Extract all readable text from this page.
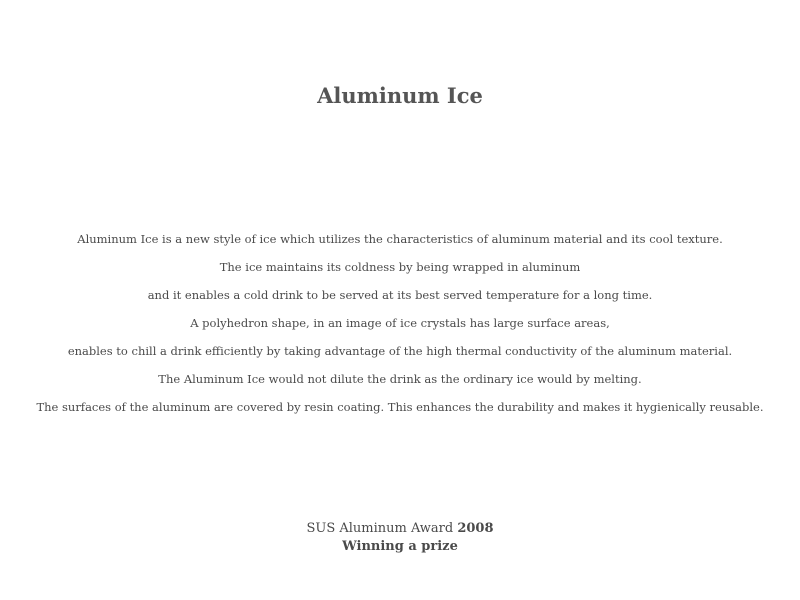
Aluminum Ice
Aluminum Ice is a new style of ice which utilizes the characteristics of aluminum material and its cool texture.
The ice maintains its coldness by being wrapped in aluminum
and it enables a cold drink to be served at its best served temperature for a long time.
A polyhedron shape, in an image of ice crystals has large surface areas,
enables to chill a drink efficiently by taking advantage of the high thermal conductivity of the aluminum material.
The Aluminum Ice would not dilute the drink as the ordinary ice would by melting.
The surfaces of the aluminum are covered by resin coating. This enhances the durability and makes it hygienically reusable.
SUS Aluminum Award 2008
Winning a prize
